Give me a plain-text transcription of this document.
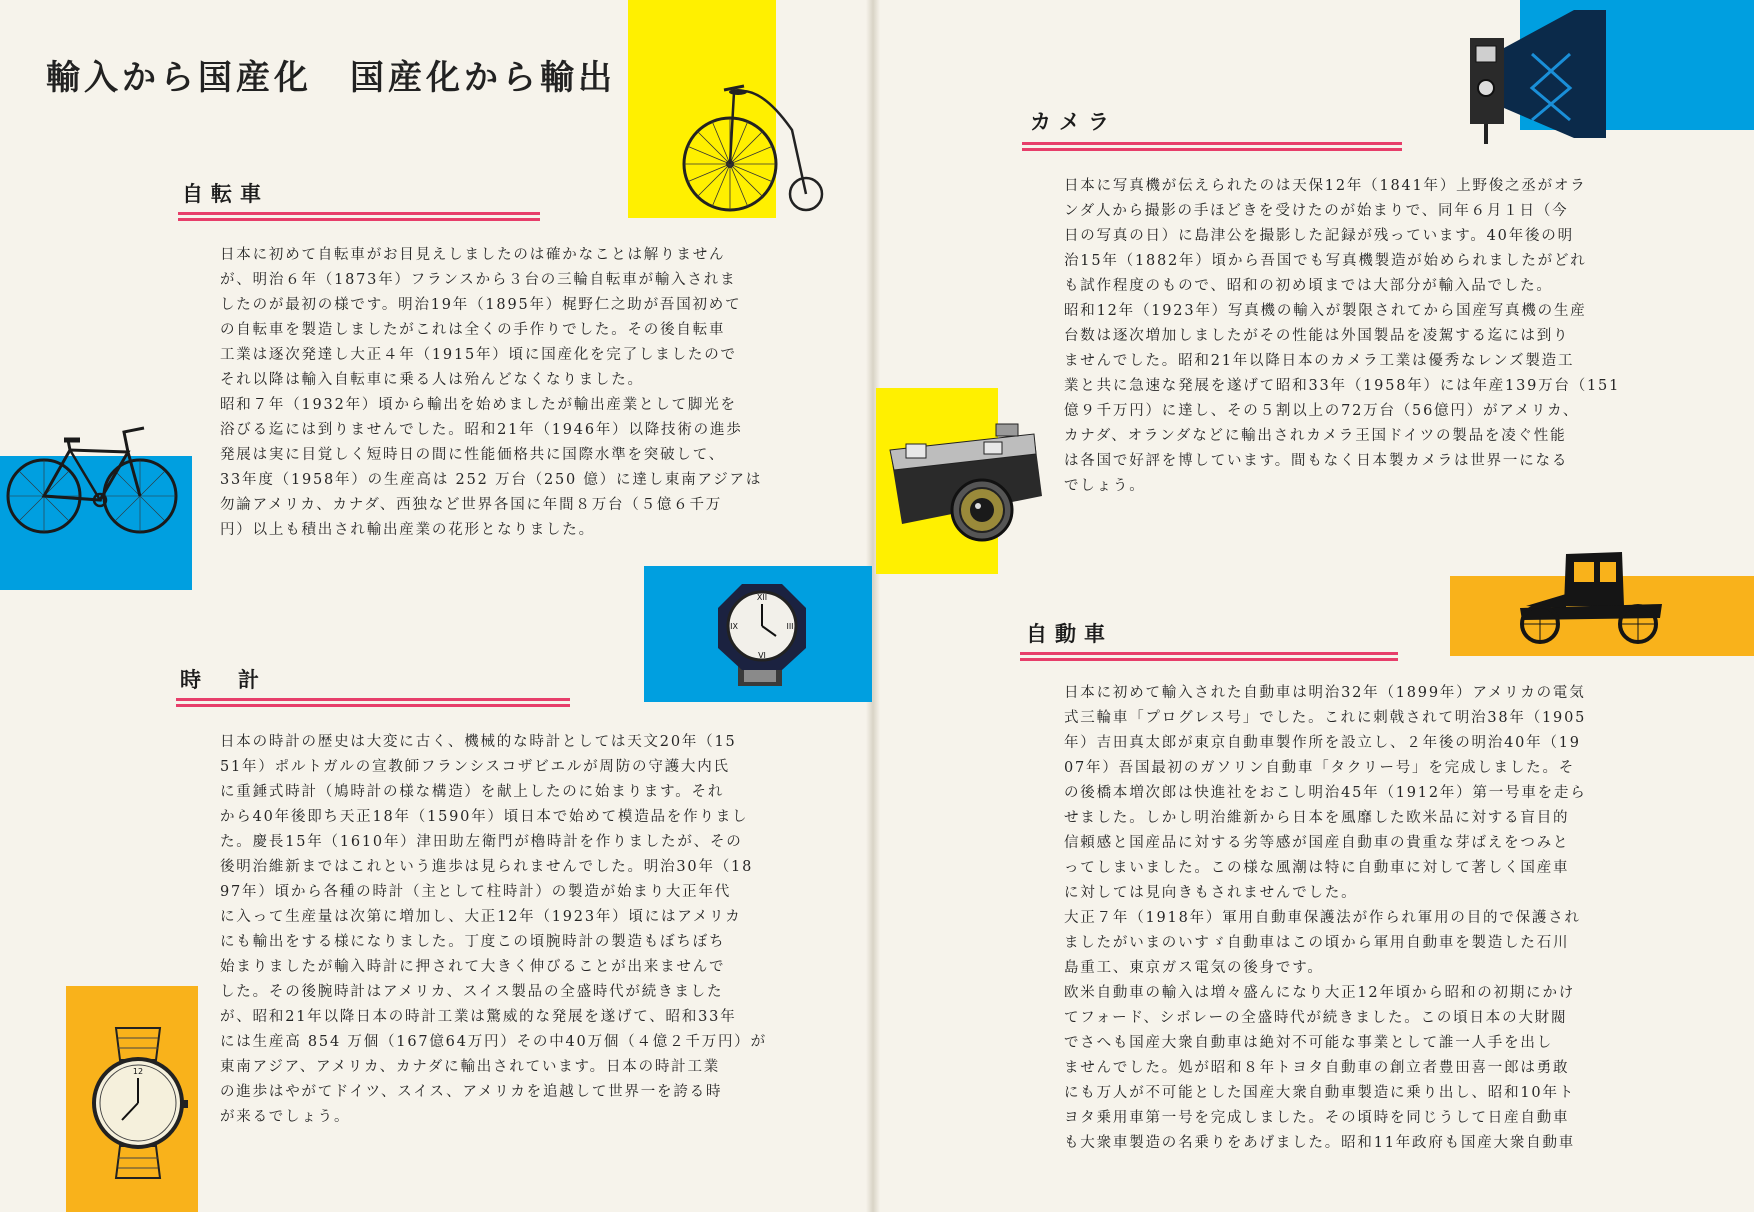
輸入から国産化　国産化から輸出
自転車

日本に初めて自転車がお目見えしましたのは確かなことは解りません

が、明治６年（1873年）フランスから３台の三輪自転車が輸入されま

したのが最初の様です。明治19年（1895年）梶野仁之助が吾国初めて

の自転車を製造しましたがこれは全くの手作りでした。その後自転車

工業は逐次発達し大正４年（1915年）頃に国産化を完了しましたので

それ以降は輸入自転車に乗る人は殆んどなくなりました。

昭和７年（1932年）頃から輸出を始めましたが輸出産業として脚光を

浴びる迄には到りませんでした。昭和21年（1946年）以降技術の進歩

発展は実に目覚しく短時日の間に性能価格共に国際水準を突破して、

33年度（1958年）の生産高は 252 万台（250 億）に達し東南アジアは

勿論アメリカ、カナダ、西独など世界各国に年間８万台（５億６千万

円）以上も積出され輸出産業の花形となりました。

XII
III
VI
IX
時　計

日本の時計の歴史は大変に古く、機械的な時計としては天文20年（15

51年）ポルトガルの宣教師フランシスコザビエルが周防の守護大内氏

に重錘式時計（鳩時計の様な構造）を献上したのに始まります。それ

から40年後即ち天正18年（1590年）頃日本で始めて模造品を作りまし

た。慶長15年（1610年）津田助左衛門が櫓時計を作りましたが、その

後明治維新まではこれという進歩は見られませんでした。明治30年（18

97年）頃から各種の時計（主として柱時計）の製造が始まり大正年代

に入って生産量は次第に増加し、大正12年（1923年）頃にはアメリカ

にも輸出をする様になりました。丁度この頃腕時計の製造もぼちぼち

始まりましたが輸入時計に押されて大きく伸びることが出来ませんで

した。その後腕時計はアメリカ、スイス製品の全盛時代が続きました

が、昭和21年以降日本の時計工業は驚威的な発展を遂げて、昭和33年

には生産高 854 万個（167億64万円）その中40万個（４億２千万円）が

東南アジア、アメリカ、カナダに輸出されています。日本の時計工業

の進歩はやがてドイツ、スイス、アメリカを追越して世界一を誇る時

が来るでしょう。

12
カメラ

日本に写真機が伝えられたのは天保12年（1841年）上野俊之丞がオラ

ンダ人から撮影の手ほどきを受けたのが始まりで、同年６月１日（今

日の写真の日）に島津公を撮影した記録が残っています。40年後の明

治15年（1882年）頃から吾国でも写真機製造が始められましたがどれ

も試作程度のもので、昭和の初め頃までは大部分が輸入品でした。

昭和12年（1923年）写真機の輸入が製限されてから国産写真機の生産

台数は逐次増加しましたがその性能は外国製品を凌駕する迄には到り

ませんでした。昭和21年以降日本のカメラ工業は優秀なレンズ製造工

業と共に急速な発展を遂げて昭和33年（1958年）には年産139万台（151

億９千万円）に達し、その５割以上の72万台（56億円）がアメリカ、

カナダ、オランダなどに輸出されカメラ王国ドイツの製品を凌ぐ性能

は各国で好評を博しています。間もなく日本製カメラは世界一になる

でしょう。

自動車

日本に初めて輸入された自動車は明治32年（1899年）アメリカの電気

式三輪車「プログレス号」でした。これに刺戟されて明治38年（1905

年）吉田真太郎が東京自動車製作所を設立し、２年後の明治40年（19

07年）吾国最初のガソリン自動車「タクリー号」を完成しました。そ

の後橋本増次郎は快進社をおこし明治45年（1912年）第一号車を走ら

せました。しかし明治維新から日本を風靡した欧米品に対する盲目的

信頼感と国産品に対する劣等感が国産自動車の貴重な芽ばえをつみと

ってしまいました。この様な風潮は特に自動車に対して著しく国産車

に対しては見向きもされませんでした。

大正７年（1918年）軍用自動車保護法が作られ軍用の目的で保護され

ましたがいまのいすゞ自動車はこの頃から軍用自動車を製造した石川

島重工、東京ガス電気の後身です。

欧米自動車の輸入は増々盛んになり大正12年頃から昭和の初期にかけ

てフォード、シボレーの全盛時代が続きました。この頃日本の大財閥

でさへも国産大衆自動車は絶対不可能な事業として誰一人手を出し

ませんでした。処が昭和８年トヨタ自動車の創立者豊田喜一郎は勇敢

にも万人が不可能とした国産大衆自動車製造に乗り出し、昭和10年ト

ヨタ乗用車第一号を完成しました。その頃時を同じうして日産自動車

も大衆車製造の名乗りをあげました。昭和11年政府も国産大衆自動車
